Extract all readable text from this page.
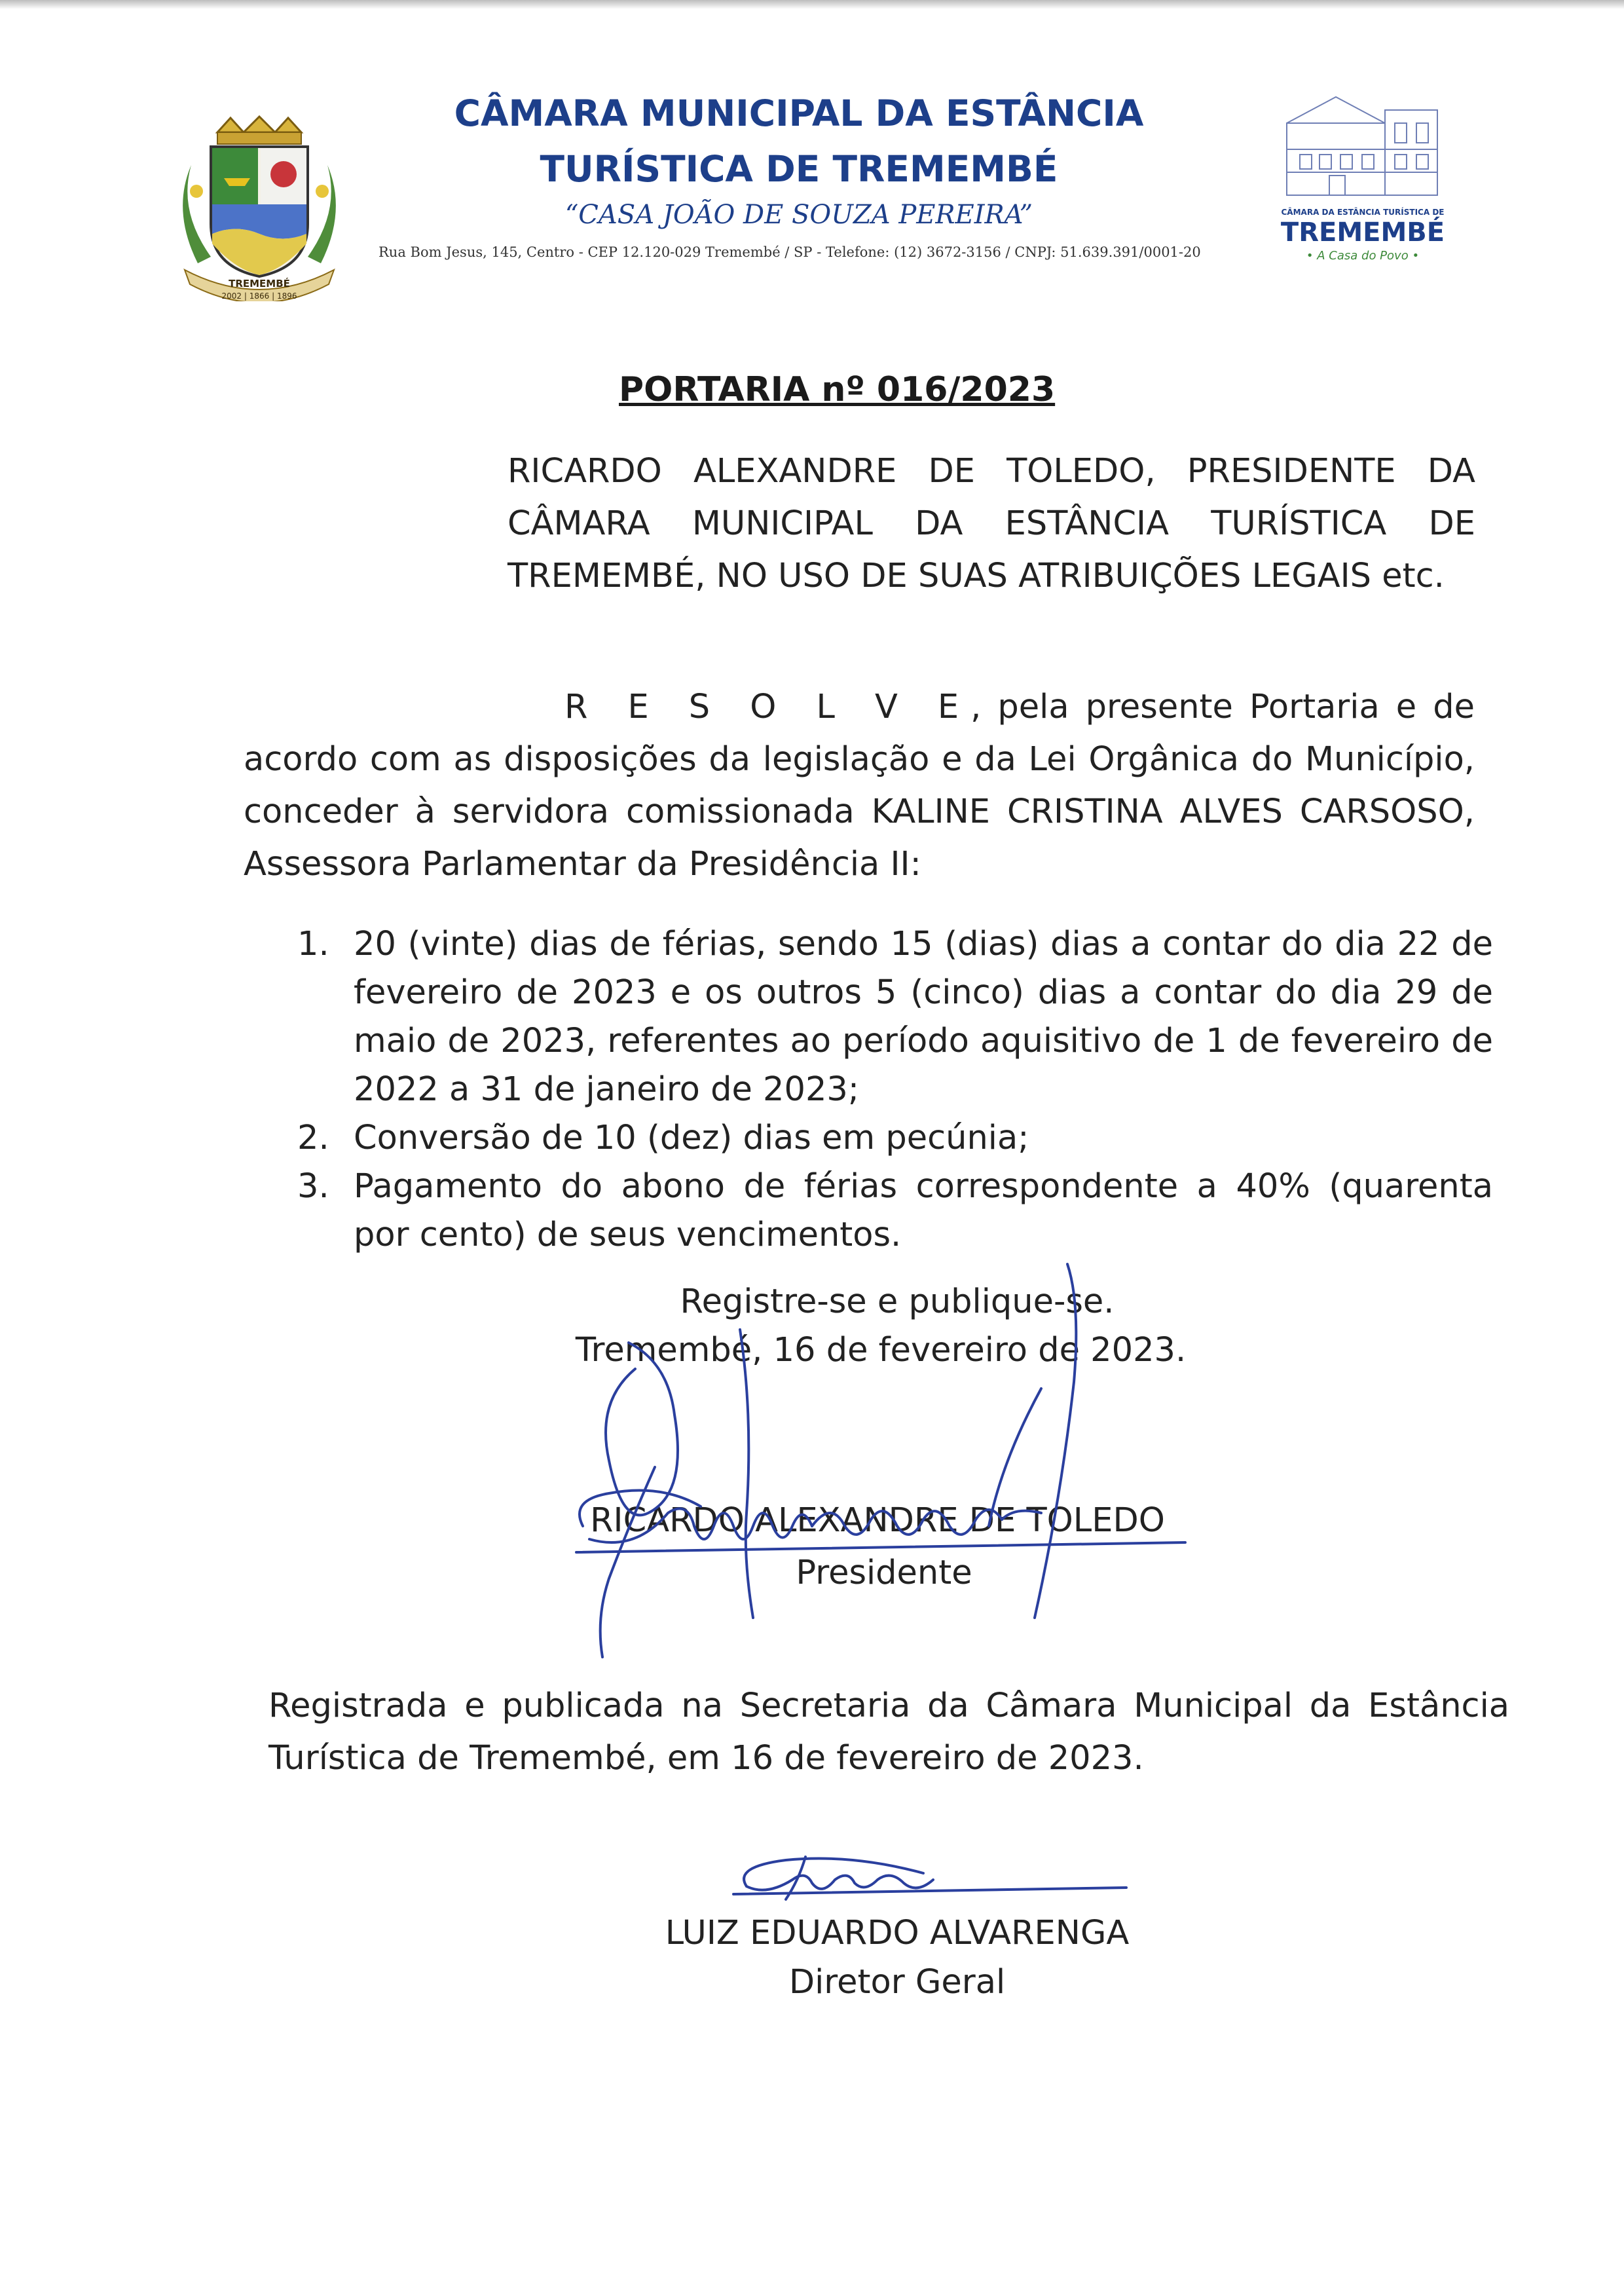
TREMEMBÉ
2002 | 1866 | 1896
CÂMARA MUNICIPAL DA ESTÂNCIA
TURÍSTICA DE TREMEMBÉ
“CASA JOÃO DE SOUZA PEREIRA”
Rua Bom Jesus, 145, Centro - CEP 12.120-029 Tremembé / SP - Telefone: (12) 3672-3156 / CNPJ: 51.639.391/0001-20
CÂMARA DA ESTÂNCIA TURÍSTICA DE
TREMEMBÉ
• A Casa do Povo •
PORTARIA nº 016/2023
RICARDO ALEXANDRE DE TOLEDO, PRESIDENTE DA CÂMARA MUNICIPAL DA ESTÂNCIA TURÍSTICA DE TREMEMBÉ, NO USO DE SUAS ATRIBUIÇÕES LEGAIS etc.
R E S O L V E, pela presente Portaria e de acordo com as disposições da legislação e da Lei Orgânica do Município, conceder à servidora comissionada KALINE CRISTINA ALVES CARSOSO, Assessora Parlamentar da Presidência II:
1. 20 (vinte) dias de férias, sendo 15 (dias) dias a contar do dia 22 de fevereiro de 2023 e os outros 5 (cinco) dias a contar do dia 29 de maio de 2023, referentes ao período aquisitivo de 1 de fevereiro de 2022 a 31 de janeiro de 2023;
2. Conversão de 10 (dez) dias em pecúnia;
3. Pagamento do abono de férias correspondente a 40% (quarenta por cento) de seus vencimentos.
Registre-se e publique-se.
Tremembé, 16 de fevereiro de 2023.
RICARDO ALEXANDRE DE TOLEDO
Presidente
Registrada e publicada na Secretaria da Câmara Municipal da Estância Turística de Tremembé, em 16 de fevereiro de 2023.
LUIZ EDUARDO ALVARENGA
Diretor Geral
